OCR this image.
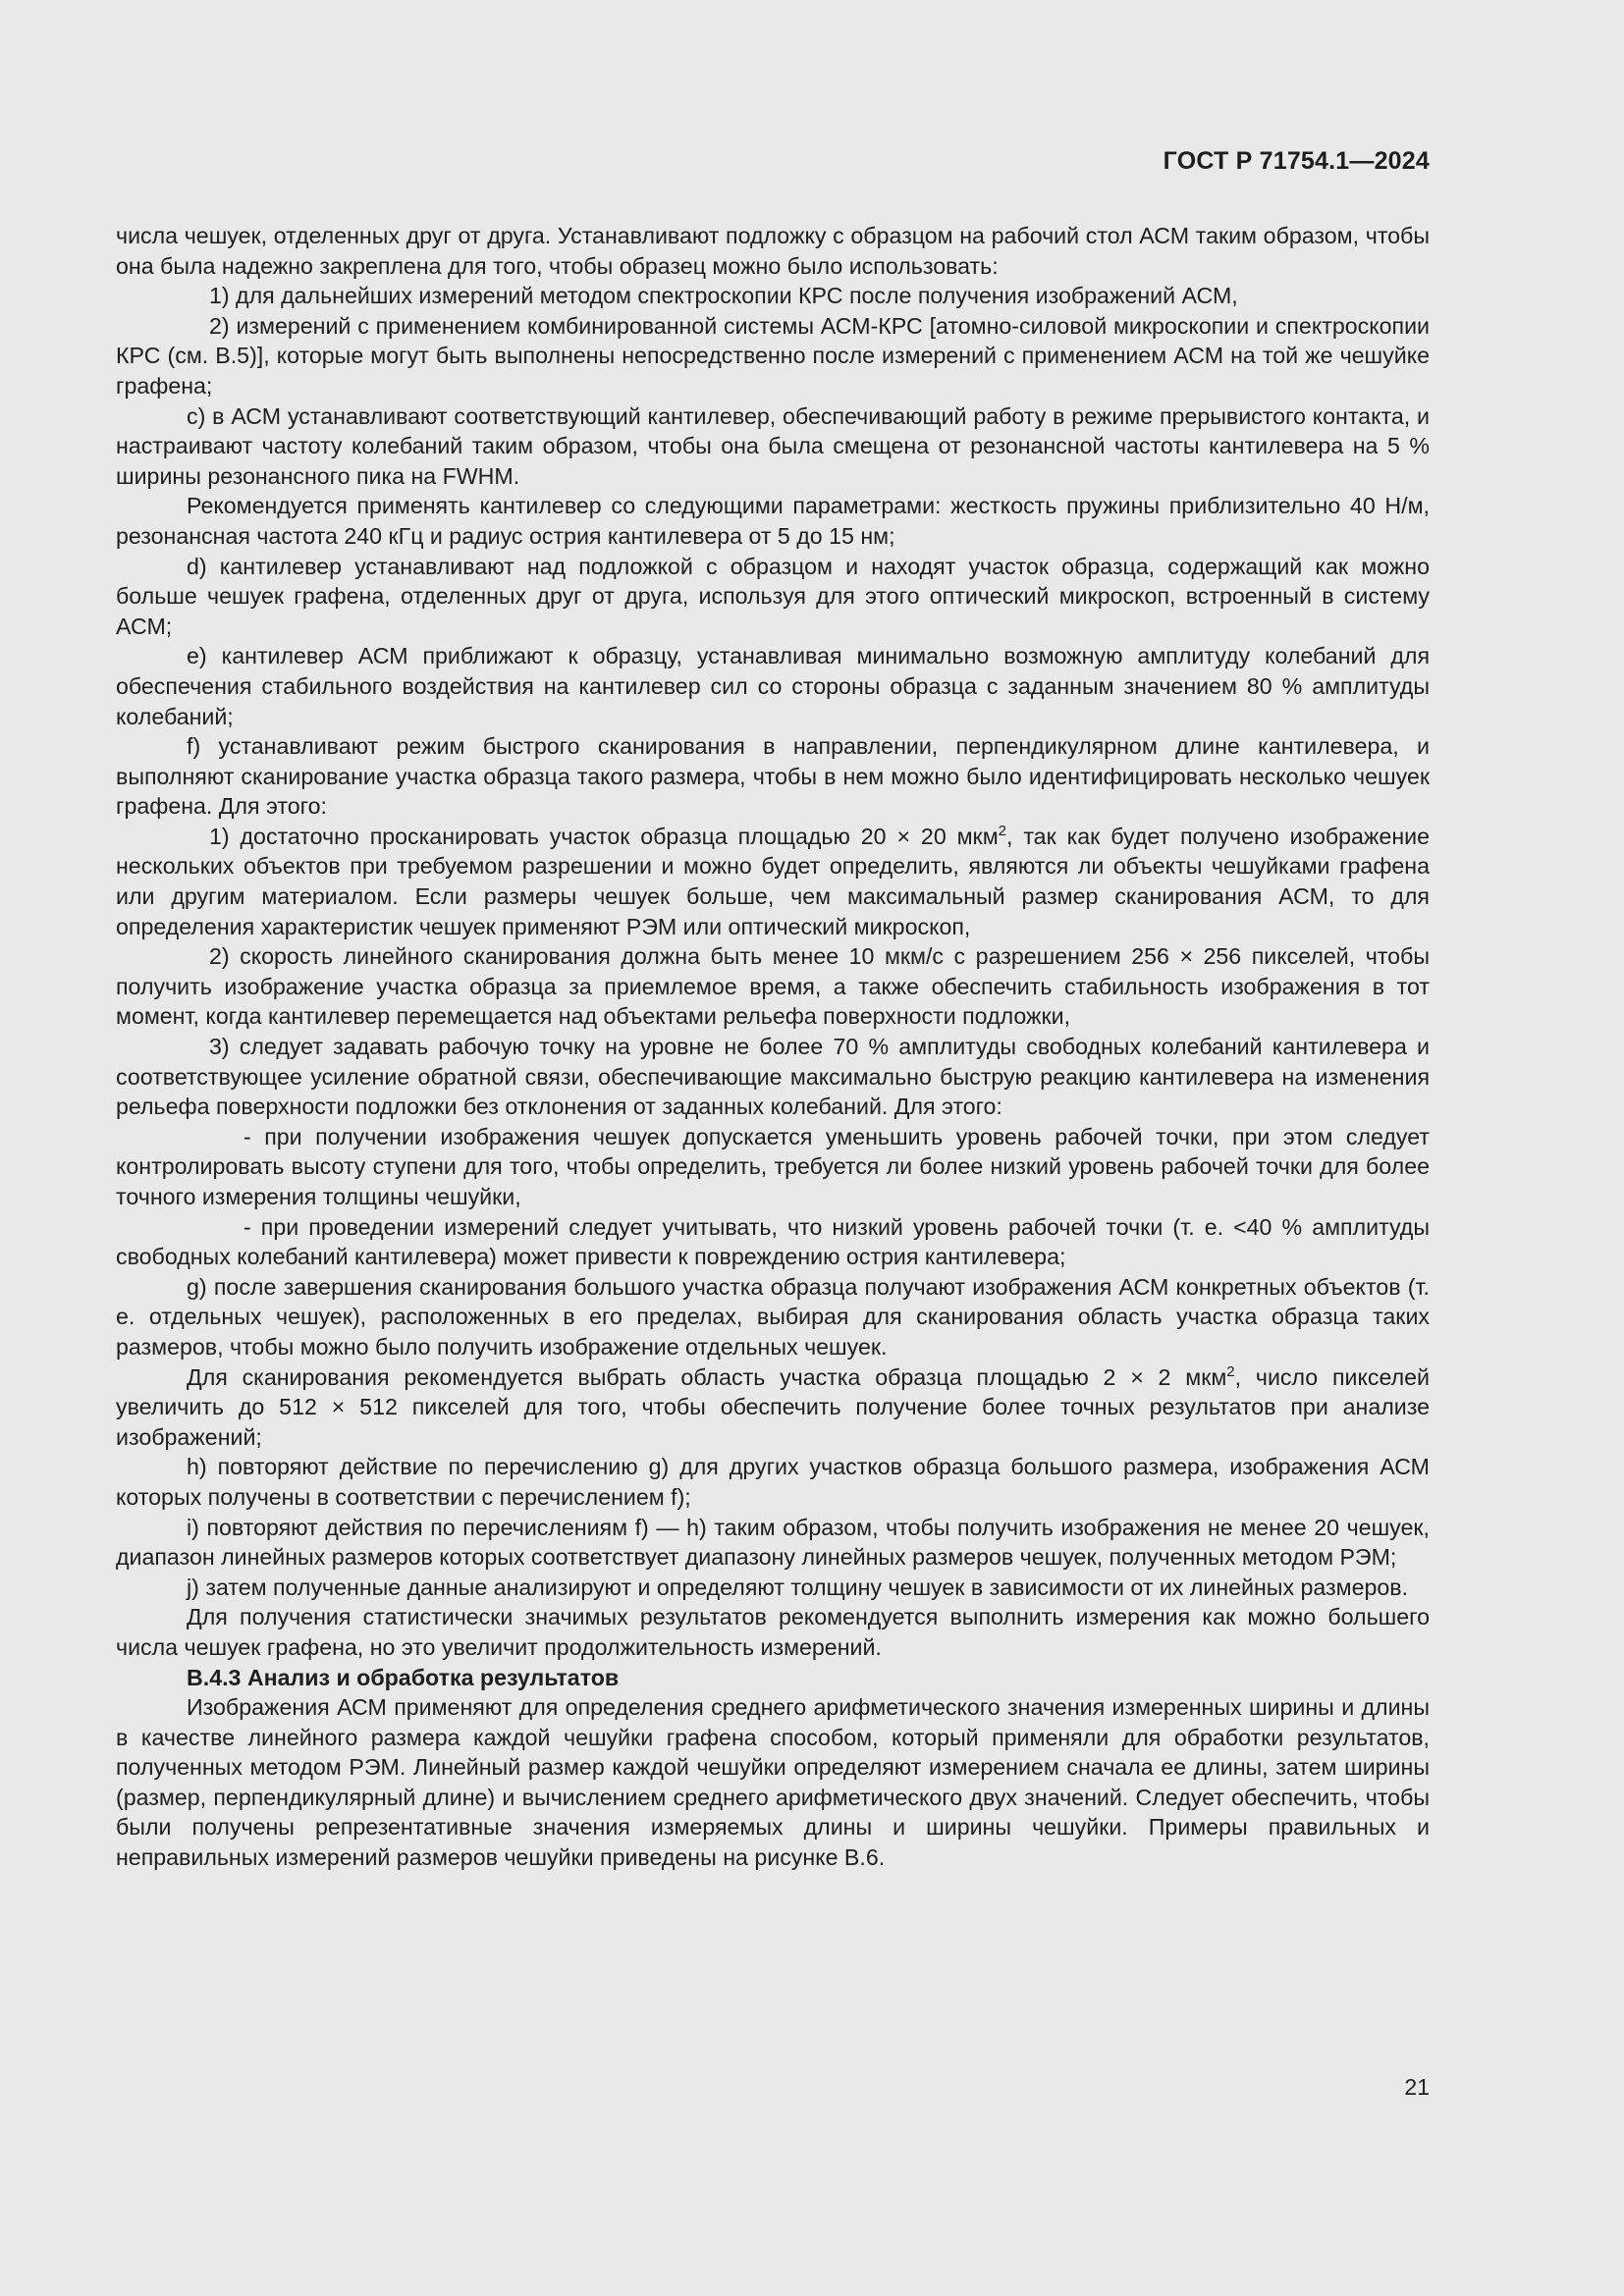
ГОСТ Р 71754.1—2024

числа чешуек, отделенных друг от друга. Устанавливают подложку с образцом на рабочий стол АСМ таким образом, чтобы она была надежно закреплена для того, чтобы образец можно было использовать:

1) для дальнейших измерений методом спектроскопии КРС после получения изображений АСМ,

2) измерений с применением комбинированной системы АСМ-КРС [атомно-силовой микроскопии и спектроскопии КРС (см. В.5)], которые могут быть выполнены непосредственно после измерений с применением АСМ на той же чешуйке графена;

c) в АСМ устанавливают соответствующий кантилевер, обеспечивающий работу в режиме прерывистого контакта, и настраивают частоту колебаний таким образом, чтобы она была смещена от резонансной частоты кантилевера на 5 % ширины резонансного пика на FWHM.

Рекомендуется применять кантилевер со следующими параметрами: жесткость пружины приблизительно 40 Н/м, резонансная частота 240 кГц и радиус острия кантилевера от 5 до 15 нм;

d) кантилевер устанавливают над подложкой с образцом и находят участок образца, содержащий как можно больше чешуек графена, отделенных друг от друга, используя для этого оптический микроскоп, встроенный в систему АСМ;

e) кантилевер АСМ приближают к образцу, устанавливая минимально возможную амплитуду колебаний для обеспечения стабильного воздействия на кантилевер сил со стороны образца с заданным значением 80 % амплитуды колебаний;

f) устанавливают режим быстрого сканирования в направлении, перпендикулярном длине кантилевера, и выполняют сканирование участка образца такого размера, чтобы в нем можно было идентифицировать несколько чешуек графена. Для этого:

1) достаточно просканировать участок образца площадью 20 × 20 мкм$^2$, так как будет получено изображение нескольких объектов при требуемом разрешении и можно будет определить, являются ли объекты чешуйками графена или другим материалом. Если размеры чешуек больше, чем максимальный размер сканирования АСМ, то для определения характеристик чешуек применяют РЭМ или оптический микроскоп,

2) скорость линейного сканирования должна быть менее 10 мкм/с с разрешением 256 × 256 пикселей, чтобы получить изображение участка образца за приемлемое время, а также обеспечить стабильность изображения в тот момент, когда кантилевер перемещается над объектами рельефа поверхности подложки,

3) следует задавать рабочую точку на уровне не более 70 % амплитуды свободных колебаний кантилевера и соответствующее усиление обратной связи, обеспечивающие максимально быструю реакцию кантилевера на изменения рельефа поверхности подложки без отклонения от заданных колебаний. Для этого:

- при получении изображения чешуек допускается уменьшить уровень рабочей точки, при этом следует контролировать высоту ступени для того, чтобы определить, требуется ли более низкий уровень рабочей точки для более точного измерения толщины чешуйки,

- при проведении измерений следует учитывать, что низкий уровень рабочей точки (т. е. <40 % амплитуды свободных колебаний кантилевера) может привести к повреждению острия кантилевера;

g) после завершения сканирования большого участка образца получают изображения АСМ конкретных объектов (т. е. отдельных чешуек), расположенных в его пределах, выбирая для сканирования область участка образца таких размеров, чтобы можно было получить изображение отдельных чешуек.

Для сканирования рекомендуется выбрать область участка образца площадью 2 × 2 мкм$^2$, число пикселей увеличить до 512 × 512 пикселей для того, чтобы обеспечить получение более точных результатов при анализе изображений;

h) повторяют действие по перечислению g) для других участков образца большого размера, изображения АСМ которых получены в соответствии с перечислением f);

i) повторяют действия по перечислениям f) — h) таким образом, чтобы получить изображения не менее 20 чешуек, диапазон линейных размеров которых соответствует диапазону линейных размеров чешуек, полученных методом РЭМ;

j) затем полученные данные анализируют и определяют толщину чешуек в зависимости от их линейных размеров.

Для получения статистически значимых результатов рекомендуется выполнить измерения как можно большего числа чешуек графена, но это увеличит продолжительность измерений.

В.4.3 Анализ и обработка результатов

Изображения АСМ применяют для определения среднего арифметического значения измеренных ширины и длины в качестве линейного размера каждой чешуйки графена способом, который применяли для обработки результатов, полученных методом РЭМ. Линейный размер каждой чешуйки определяют измерением сначала ее длины, затем ширины (размер, перпендикулярный длине) и вычислением среднего арифметического двух значений. Следует обеспечить, чтобы были получены репрезентативные значения измеряемых длины и ширины чешуйки. Примеры правильных и неправильных измерений размеров чешуйки приведены на рисунке В.6.

21
